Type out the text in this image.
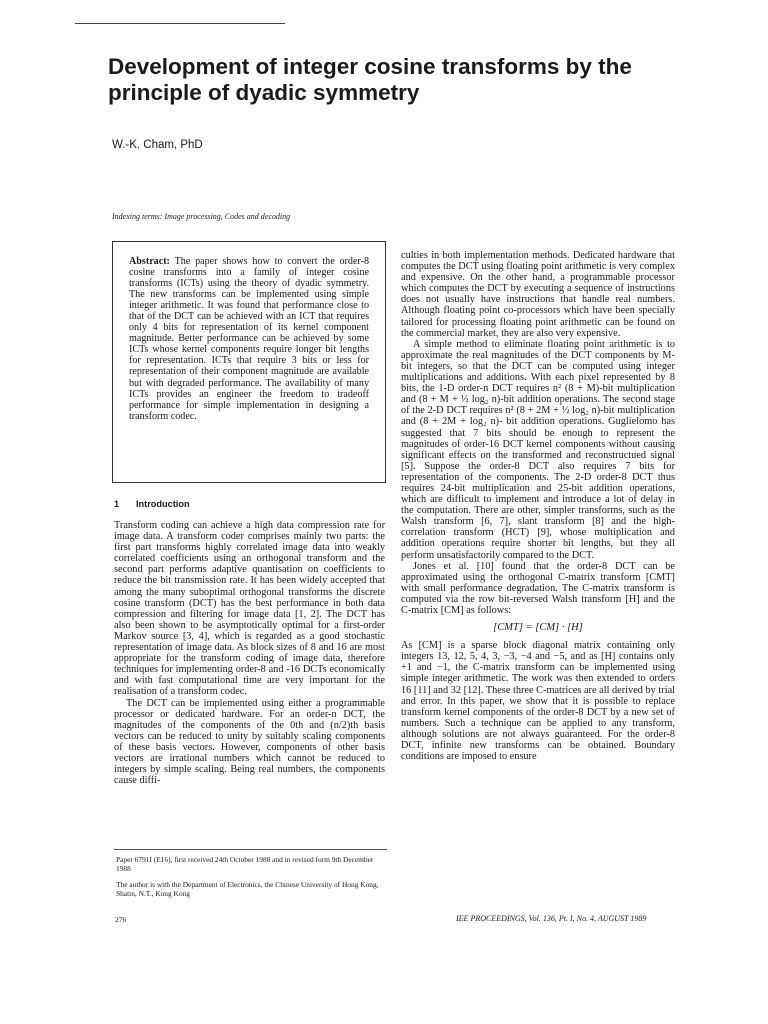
Development of integer cosine transforms by the principle of dyadic symmetry
W.-K. Cham, PhD
Indexing terms: Image processing, Codes and decoding

Abstract: The paper shows how to convert the order-8 cosine transforms into a family of integer cosine transforms (ICTs) using the theory of dyadic symmetry. The new transforms can be implemented using simple integer arithmetic. It was found that performance close to that of the DCT can be achieved with an ICT that requires only 4 bits for representation of its kernel component magnitude. Better performance can be achieved by some ICTs whose kernel components require longer bit lengths for representation. ICTs that require 3 bits or less for representation of their component magnitude are available but with degraded performance. The availability of many ICTs provides an engineer the freedom to tradeoff performance for simple implementation in designing a transform codec.

1 Introduction

Transform coding can achieve a high data compression rate for image data. A transform coder comprises mainly two parts: the first part transforms highly correlated image data into weakly correlated coefficients using an orthogonal transform and the second part performs adaptive quantisation on coefficients to reduce the bit transmission rate. It has been widely accepted that among the many suboptimal orthogonal transforms the discrete cosine transform (DCT) has the best performance in both data compression and filtering for image data [1, 2]. The DCT has also been shown to be asymptotically optimal for a first-order Markov source [3, 4], which is regarded as a good stochastic representation of image data. As block sizes of 8 and 16 are most appropriate for the transform coding of image data, therefore techniques for implementing order-8 and -16 DCTs economically and with fast computational time are very important for the realisation of a transform codec.

The DCT can be implemented using either a programmable processor or dedicated hardware. For an order-n DCT, the magnitudes of the components of the 0th and (n/2)th basis vectors can be reduced to unity by suitably scaling components of these basis vectors. However, components of other basis vectors are irrational numbers which cannot be reduced to integers by simple scaling. Being real numbers, the components cause diffi-

Paper 6791I (E16), first received 24th October 1988 and in revised form 9th December 1988
The author is with the Department of Electronics, the Chinese University of Hong Kong, Shatin, N.T., Kong Kong
276

culties in both implementation methods. Dedicated hardware that computes the DCT using floating point arithmetic is very complex and expensive. On the other hand, a programmable processor which computes the DCT by executing a sequence of instructions does not usually have instructions that handle real numbers. Although floating point co-processors which have been specially tailored for processing floating point arithmetic can be found on the commercial market, they are also very expensive.

A simple method to eliminate floating point arithmetic is to approximate the real magnitudes of the DCT components by M-bit integers, so that the DCT can be computed using integer multiplications and additions. With each pixel represented by 8 bits, the 1-D order-n DCT requires n² (8 + M)-bit multiplication and (8 + M + ½ log₂ n)-bit addition operations. The second stage of the 2-D DCT requires n² (8 + 2M + ½ log₂ n)-bit multiplication and (8 + 2M + log₂ n)- bit addition operations. Guglielomo has suggested that 7 bits should be enough to represent the magnitudes of order-16 DCT kernel components without causing significant effects on the transformed and reconstructued signal [5]. Suppose the order-8 DCT also requires 7 bits for representation of the components. The 2-D order-8 DCT thus requires 24-bit multiplication and 25-bit addition operations, which are difficult to implement and introduce a lot of delay in the computation. There are other, simpler transforms, such as the Walsh transform [6, 7], slant transform [8] and the high-correlation transform (HCT) [9], whose multiplication and addition operations require shorter bit lengths, but they all perform unsatisfactorily compared to the DCT.

Jones et al. [10] found that the order-8 DCT can be approximated using the orthogonal C-matrix transform [CMT] with small performance degradation. The C-matrix transform is computed via the row bit-reversed Walsh transform [H] and the C-matrix [CM] as follows:

[CMT] = [CM] · [H]

As [CM] is a sparse block diagonal matrix containing only integers 13, 12, 5, 4, 3, −3, −4 and −5, and as [H] contains only +1 and −1, the C-matrix transform can be implemented using simple integer arithmetic. The work was then extended to orders 16 [11] and 32 [12]. These three C-matrices are all derived by trial and error. In this paper, we show that it is possible to replace transform kernel components of the order-8 DCT by a new set of numbers. Such a technique can be applied to any transform, although solutions are not always guaranteed. For the order-8 DCT, infinite new transforms can be obtained. Boundary conditions are imposed to ensure

IEE PROCEEDINGS, Vol. 136, Pt. I, No. 4, AUGUST 1989
